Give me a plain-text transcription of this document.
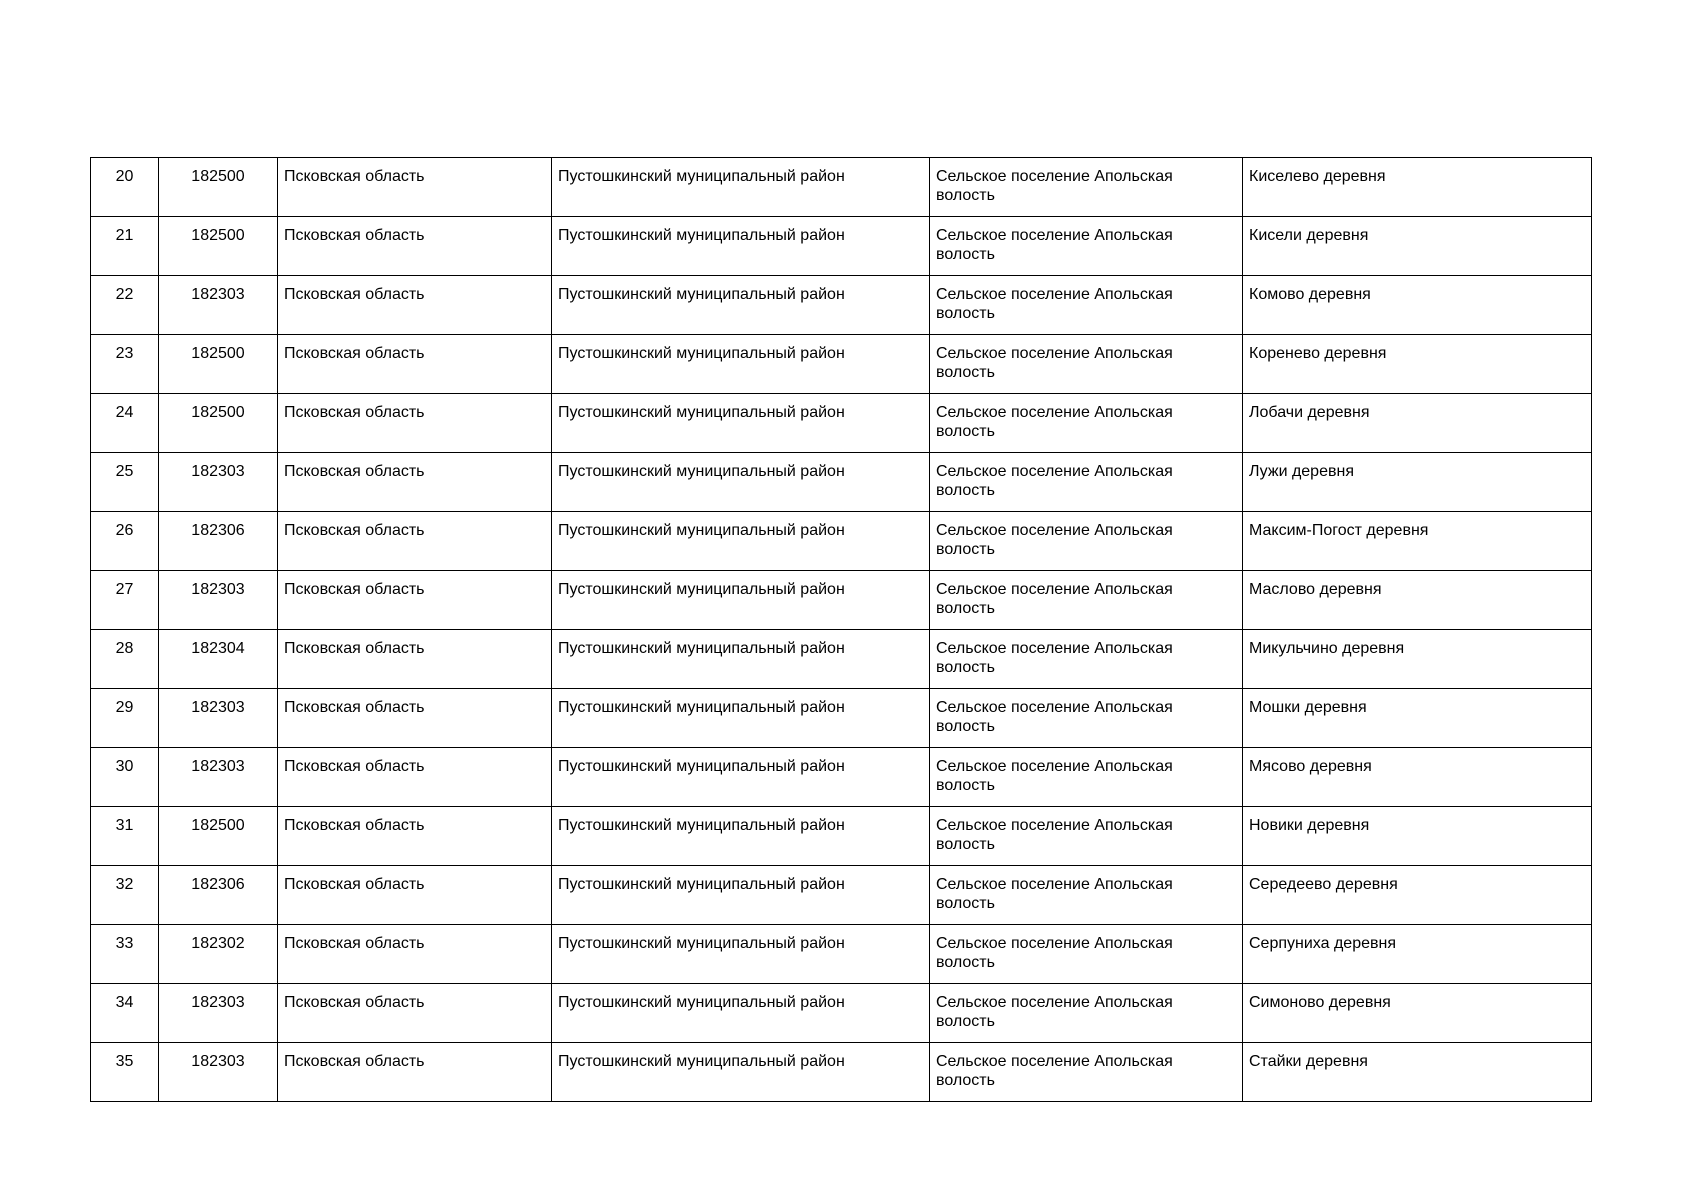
20	182500	Псковская область	Пустошкинский муниципальный район	Сельское поселение Апольская волость	Киселево деревня
21	182500	Псковская область	Пустошкинский муниципальный район	Сельское поселение Апольская волость	Кисели деревня
22	182303	Псковская область	Пустошкинский муниципальный район	Сельское поселение Апольская волость	Комово деревня
23	182500	Псковская область	Пустошкинский муниципальный район	Сельское поселение Апольская волость	Коренево деревня
24	182500	Псковская область	Пустошкинский муниципальный район	Сельское поселение Апольская волость	Лобачи деревня
25	182303	Псковская область	Пустошкинский муниципальный район	Сельское поселение Апольская волость	Лужи деревня
26	182306	Псковская область	Пустошкинский муниципальный район	Сельское поселение Апольская волость	Максим-Погост деревня
27	182303	Псковская область	Пустошкинский муниципальный район	Сельское поселение Апольская волость	Маслово деревня
28	182304	Псковская область	Пустошкинский муниципальный район	Сельское поселение Апольская волость	Микульчино деревня
29	182303	Псковская область	Пустошкинский муниципальный район	Сельское поселение Апольская волость	Мошки деревня
30	182303	Псковская область	Пустошкинский муниципальный район	Сельское поселение Апольская волость	Мясово деревня
31	182500	Псковская область	Пустошкинский муниципальный район	Сельское поселение Апольская волость	Новики деревня
32	182306	Псковская область	Пустошкинский муниципальный район	Сельское поселение Апольская волость	Середеево деревня
33	182302	Псковская область	Пустошкинский муниципальный район	Сельское поселение Апольская волость	Серпуниха деревня
34	182303	Псковская область	Пустошкинский муниципальный район	Сельское поселение Апольская волость	Симоново деревня
35	182303	Псковская область	Пустошкинский муниципальный район	Сельское поселение Апольская волость	Стайки деревня
